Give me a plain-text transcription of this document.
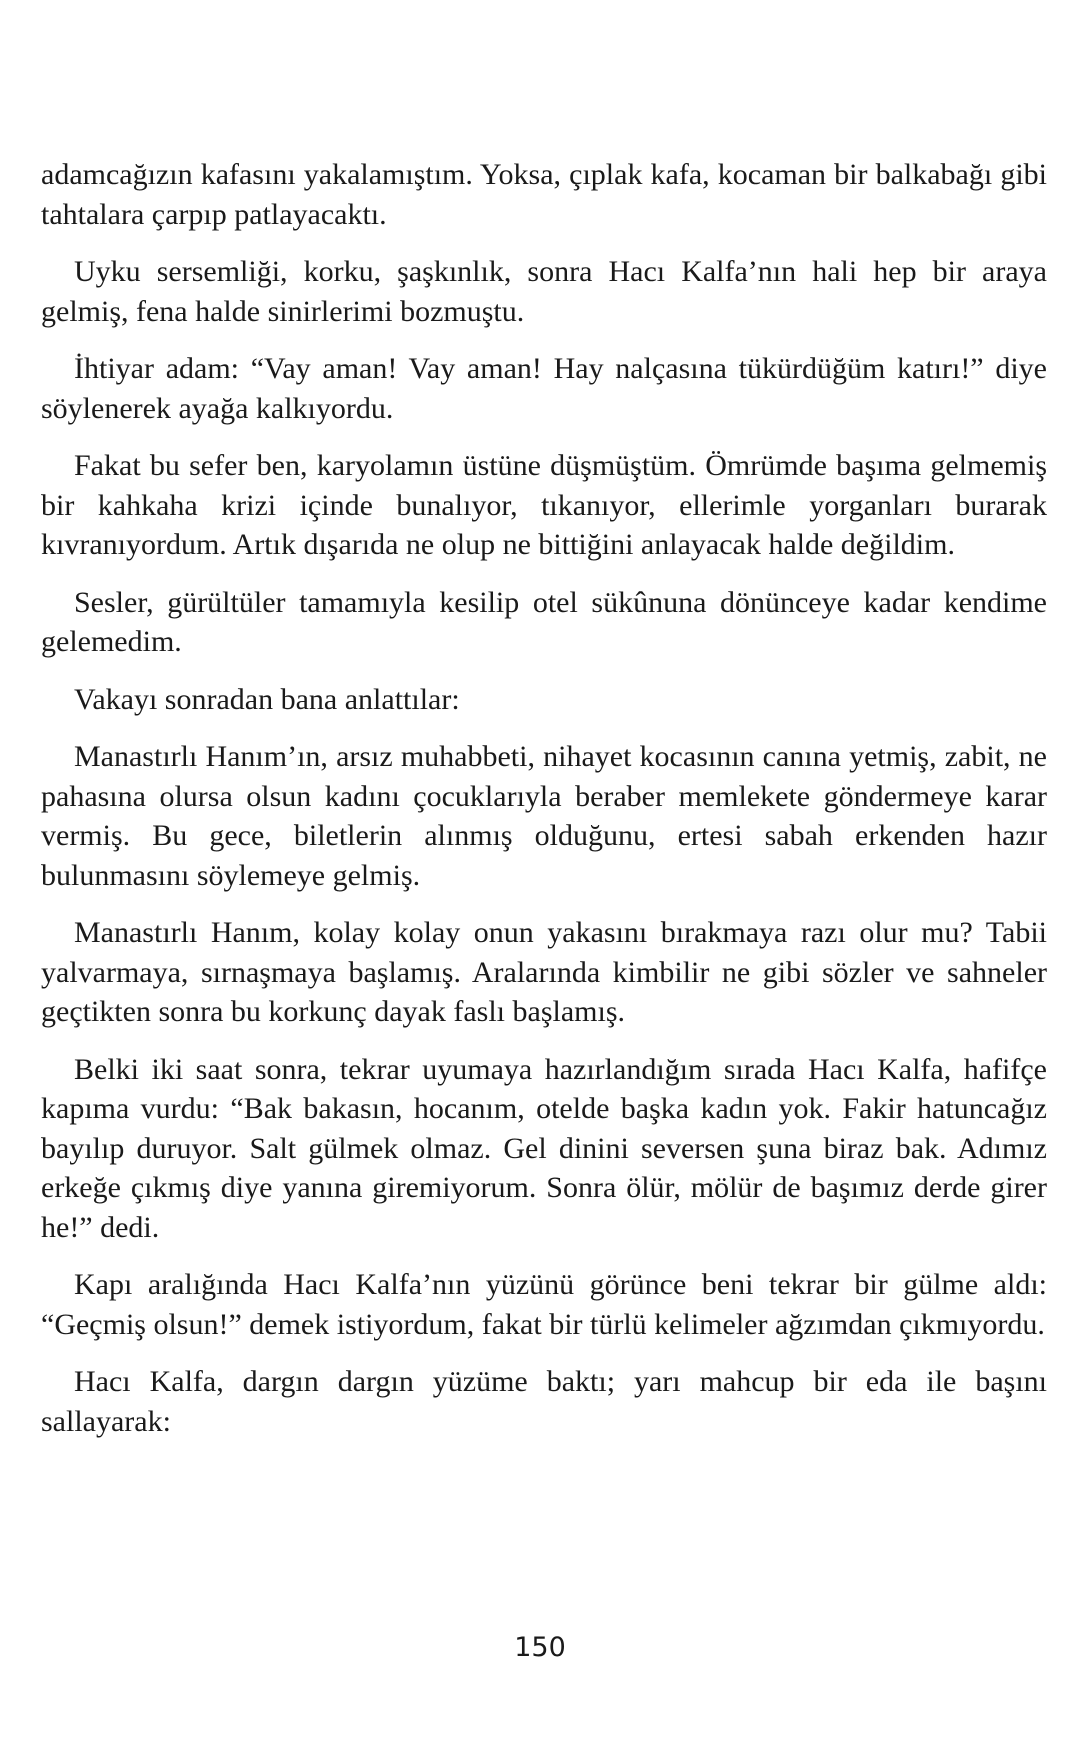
adamcağızın kafasını yakalamıştım. Yoksa, çıplak kafa, kocaman bir balkabağı gibi tahtalara çarpıp patlayacaktı.

Uyku sersemliği, korku, şaşkınlık, sonra Hacı Kalfa’nın hali hep bir araya gelmiş, fena halde sinirlerimi bozmuştu.

İhtiyar adam: “Vay aman! Vay aman! Hay nalçasına tükürdüğüm katırı!” diye söylenerek ayağa kalkıyordu.

Fakat bu sefer ben, karyolamın üstüne düşmüştüm. Ömrümde başıma gelmemiş bir kahkaha krizi içinde bunalıyor, tıkanıyor, ellerimle yorganları burarak kıvranıyordum. Artık dışarıda ne olup ne bittiğini anlayacak halde değildim.

Sesler, gürültüler tamamıyla kesilip otel sükûnuna dönünceye kadar kendime gelemedim.

Vakayı sonradan bana anlattılar:

Manastırlı Hanım’ın, arsız muhabbeti, nihayet kocasının canına yetmiş, zabit, ne pahasına olursa olsun kadını çocuklarıyla beraber memlekete göndermeye karar vermiş. Bu gece, biletlerin alınmış olduğunu, ertesi sabah erkenden hazır bulunmasını söylemeye gelmiş.

Manastırlı Hanım, kolay kolay onun yakasını bırakmaya razı olur mu? Tabii yalvarmaya, sırnaşmaya başlamış. Aralarında kimbilir ne gibi sözler ve sahneler geçtikten sonra bu korkunç dayak faslı başlamış.

Belki iki saat sonra, tekrar uyumaya hazırlandığım sırada Hacı Kalfa, hafifçe kapıma vurdu: “Bak bakasın, hocanım, otelde başka kadın yok. Fakir hatuncağız bayılıp duruyor. Salt gülmek olmaz. Gel dinini seversen şuna biraz bak. Adımız erkeğe çıkmış diye yanına giremiyorum. Sonra ölür, mölür de başımız derde girer he!” dedi.

Kapı aralığında Hacı Kalfa’nın yüzünü görünce beni tekrar bir gülme aldı: “Geçmiş olsun!” demek istiyordum, fakat bir türlü kelimeler ağzımdan çıkmıyordu.

Hacı Kalfa, dargın dargın yüzüme baktı; yarı mahcup bir eda ile başını sallayarak:

150
